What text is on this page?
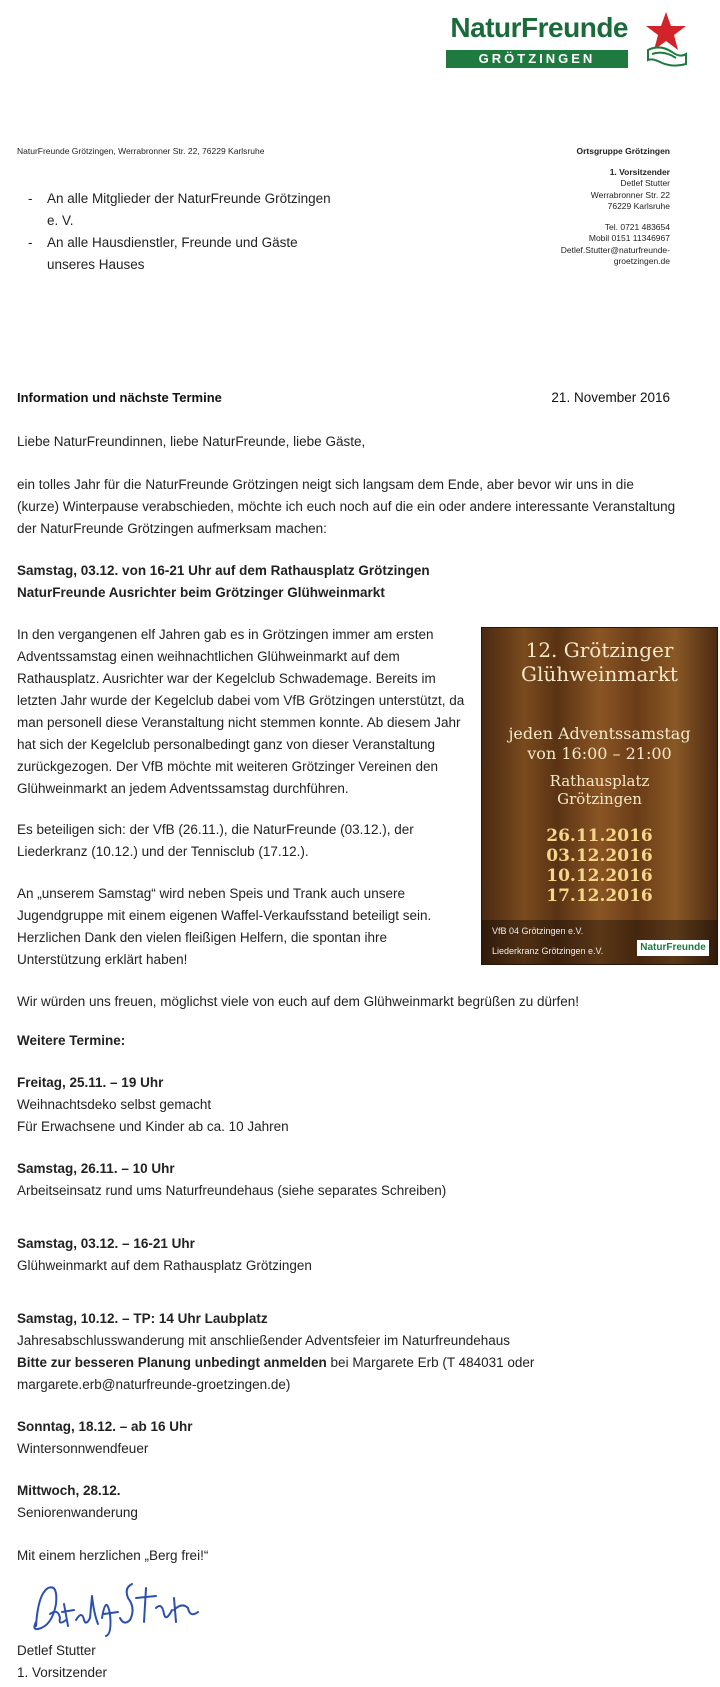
NaturFreunde
GRÖTZINGEN
NaturFreunde Grötzingen, Werrabronner Str. 22, 76229 Karlsruhe
- An alle Mitglieder der NaturFreunde Grötzingen e. V.
- An alle Hausdienstler, Freunde und Gäste unseres Hauses
Ortsgruppe Grötzingen
1. Vorsitzender
Detlef Stutter
Werrabronner Str. 22
76229 Karlsruhe
Tel. 0721 483654
Mobil 0151 11346967
Detlef.Stutter@naturfreunde-
groetzingen.de
Information und nächste Termine	21. November 2016
Liebe NaturFreundinnen, liebe NaturFreunde, liebe Gäste,
ein tolles Jahr für die NaturFreunde Grötzingen neigt sich langsam dem Ende, aber bevor wir uns in die (kurze) Winterpause verabschieden, möchte ich euch noch auf die ein oder andere interessante Veranstaltung der NaturFreunde Grötzingen aufmerksam machen:
Samstag, 03.12. von 16-21 Uhr auf dem Rathausplatz Grötzingen
NaturFreunde Ausrichter beim Grötzinger Glühweinmarkt
In den vergangenen elf Jahren gab es in Grötzingen immer am ersten Adventssamstag einen weihnachtlichen Glühweinmarkt auf dem Rathausplatz. Ausrichter war der Kegelclub Schwademage. Bereits im letzten Jahr wurde der Kegelclub dabei vom VfB Grötzingen unterstützt, da man personell diese Veranstaltung nicht stemmen konnte. Ab diesem Jahr hat sich der Kegelclub personalbedingt ganz von dieser Veranstaltung zurückgezogen. Der VfB möchte mit weiteren Grötzinger Vereinen den Glühweinmarkt an jedem Adventssamstag durchführen.
Es beteiligen sich: der VfB (26.11.), die NaturFreunde (03.12.), der Liederkranz (10.12.) und der Tennisclub (17.12.).
An „unserem Samstag“ wird neben Speis und Trank auch unsere Jugendgruppe mit einem eigenen Waffel-Verkaufsstand beteiligt sein. Herzlichen Dank den vielen fleißigen Helfern, die spontan ihre Unterstützung erklärt haben!
12. Grötzinger
Glühweinmarkt
jeden Adventssamstag
von 16:00 – 21:00
Rathausplatz
Grötzingen
26.11.2016
03.12.2016
10.12.2016
17.12.2016
VfB 04 Grötzingen e.V.
Liederkranz Grötzingen e.V.	NaturFreunde
Wir würden uns freuen, möglichst viele von euch auf dem Glühweinmarkt begrüßen zu dürfen!
Weitere Termine:
Freitag, 25.11. – 19 Uhr
Weihnachtsdeko selbst gemacht
Für Erwachsene und Kinder ab ca. 10 Jahren
Samstag, 26.11. – 10 Uhr
Arbeitseinsatz rund ums Naturfreundehaus (siehe separates Schreiben)
Samstag, 03.12. – 16-21 Uhr
Glühweinmarkt auf dem Rathausplatz Grötzingen
Samstag, 10.12. – TP: 14 Uhr Laubplatz
Jahresabschlusswanderung mit anschließender Adventsfeier im Naturfreundehaus
Bitte zur besseren Planung unbedingt anmelden bei Margarete Erb (T 484031 oder
margarete.erb@naturfreunde-groetzingen.de)
Sonntag, 18.12. – ab 16 Uhr
Wintersonnwendfeuer
Mittwoch, 28.12.
Seniorenwanderung
Mit einem herzlichen „Berg frei!“
Detlef Stutter
1. Vorsitzender
